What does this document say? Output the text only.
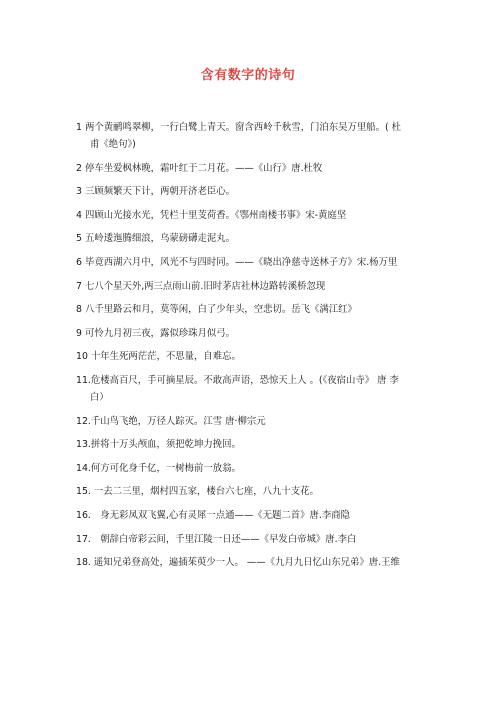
含有数字的诗句
1 两个黄鹂鸣翠柳，一行白鹭上青天。窗含西岭千秋雪，门泊东吴万里船。( 杜
甫《绝句》)
2 停车坐爱枫林晚，霜叶红于二月花。——《山行》唐.杜牧
3 三顾频繁天下计，两朝开济老臣心。
4 四顾山光接水光，凭栏十里芰荷香。《鄂州南楼书事》宋-黄庭坚
5 五岭逶迤腾细浪，乌蒙磅礴走泥丸。
6 毕竟西湖六月中，风光不与四时同。——《晓出净慈寺送林子方》宋.杨万里
7 七八个星天外,两三点雨山前.旧时茅店社林边路转溪桥忽现
8 八千里路云和月，莫等闲，白了少年头，空悲切。岳飞《满江红》
9 可怜九月初三夜，露似珍珠月似弓。
10 十年生死两茫茫，不思量，自难忘。
11.危楼高百尺，手可摘星辰。不敢高声语，恐惊天上人 。(《夜宿山寺》 唐 李
白）
12.千山鸟飞绝，万径人踪灭。江雪 唐·柳宗元
13.拼将十万头颅血，须把乾坤力挽回。
14.何方可化身千亿，一树梅前一放翁。
15. 一去二三里，烟村四五家，楼台六七座，八九十支花。
16． 身无彩凤双飞翼,心有灵犀一点通——《无题二首》唐.李商隐
17． 朝辞白帝彩云间，千里江陵一日还——《早发白帝城》唐.李白
18. 遥知兄弟登高处，遍插茱萸少一人。 ——《九月九日忆山东兄弟》唐.王维
